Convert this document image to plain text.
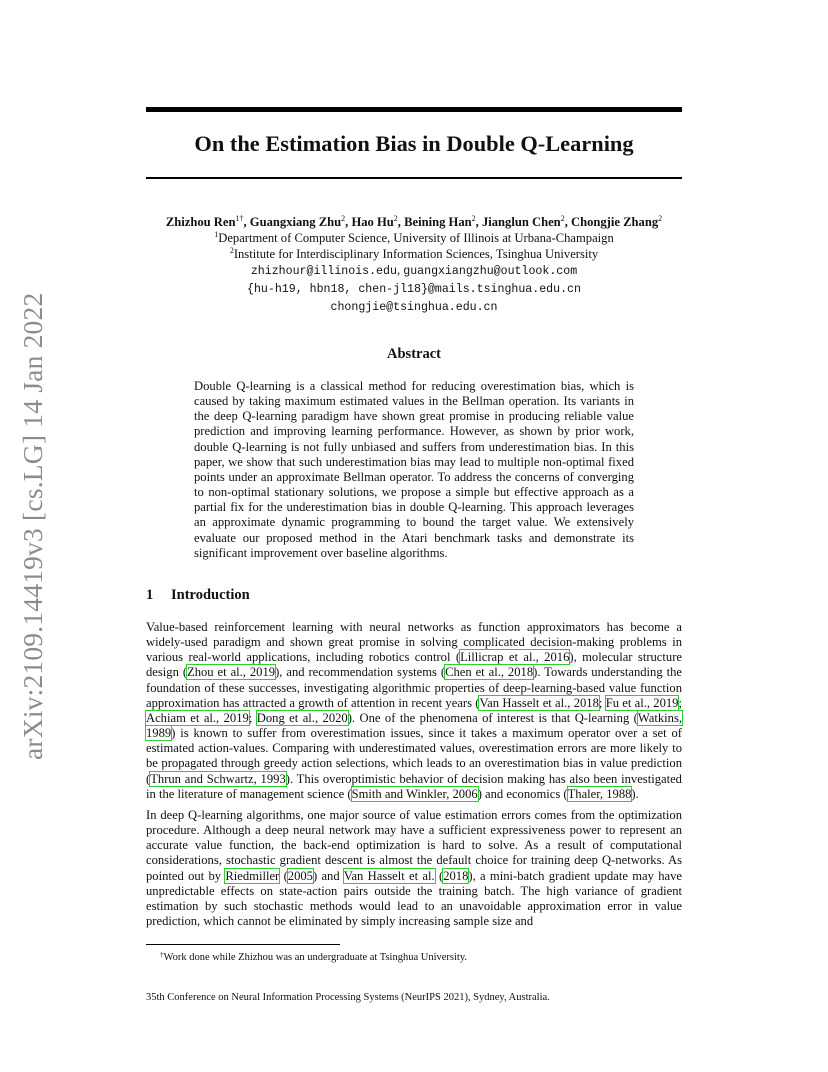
arXiv:2109.14419v3 [cs.LG] 14 Jan 2022
On the Estimation Bias in Double Q-Learning
Zhizhou Ren$^{1\dagger}$, Guangxiang Zhu$^2$, Hao Hu$^2$, Beining Han$^2$, Jianglun Chen$^2$, Chongjie Zhang$^2$
$^1$Department of Computer Science, University of Illinois at Urbana-Champaign
$^2$Institute for Interdisciplinary Information Sciences, Tsinghua University
zhizhour@illinois.edu, guangxiangzhu@outlook.com
{hu-h19, hbn18, chen-jl18}@mails.tsinghua.edu.cn
chongjie@tsinghua.edu.cn
Abstract
Double Q-learning is a classical method for reducing overestimation bias, which is caused by taking maximum estimated values in the Bellman operation. Its variants in the deep Q-learning paradigm have shown great promise in producing reliable value prediction and improving learning performance. However, as shown by prior work, double Q-learning is not fully unbiased and suffers from underestimation bias. In this paper, we show that such underestimation bias may lead to multiple non-optimal fixed points under an approximate Bellman operator. To address the concerns of converging to non-optimal stationary solutions, we propose a simple but effective approach as a partial fix for the underestimation bias in double Q-learning. This approach leverages an approximate dynamic programming to bound the target value. We extensively evaluate our proposed method in the Atari benchmark tasks and demonstrate its significant improvement over baseline algorithms.
1 Introduction

Value-based reinforcement learning with neural networks as function approximators has become a widely-used paradigm and shown great promise in solving complicated decision-making problems in various real-world applications, including robotics control (Lillicrap et al., 2016), molecular structure design (Zhou et al., 2019), and recommendation systems (Chen et al., 2018). Towards understanding the foundation of these successes, investigating algorithmic properties of deep-learning-based value function approximation has attracted a growth of attention in recent years (Van Hasselt et al., 2018; Fu et al., 2019; Achiam et al., 2019; Dong et al., 2020). One of the phenomena of interest is that Q-learning (Watkins, 1989) is known to suffer from overestimation issues, since it takes a maximum operator over a set of estimated action-values. Comparing with underestimated values, overestimation errors are more likely to be propagated through greedy action selections, which leads to an overestimation bias in value prediction (Thrun and Schwartz, 1993). This overoptimistic behavior of decision making has also been investigated in the literature of management science (Smith and Winkler, 2006) and economics (Thaler, 1988).

In deep Q-learning algorithms, one major source of value estimation errors comes from the optimization procedure. Although a deep neural network may have a sufficient expressiveness power to represent an accurate value function, the back-end optimization is hard to solve. As a result of computational considerations, stochastic gradient descent is almost the default choice for training deep Q-networks. As pointed out by Riedmiller (2005) and Van Hasselt et al. (2018), a mini-batch gradient update may have unpredictable effects on state-action pairs outside the training batch. The high variance of gradient estimation by such stochastic methods would lead to an unavoidable approximation error in value prediction, which cannot be eliminated by simply increasing sample size and

†Work done while Zhizhou was an undergraduate at Tsinghua University.
35th Conference on Neural Information Processing Systems (NeurIPS 2021), Sydney, Australia.
